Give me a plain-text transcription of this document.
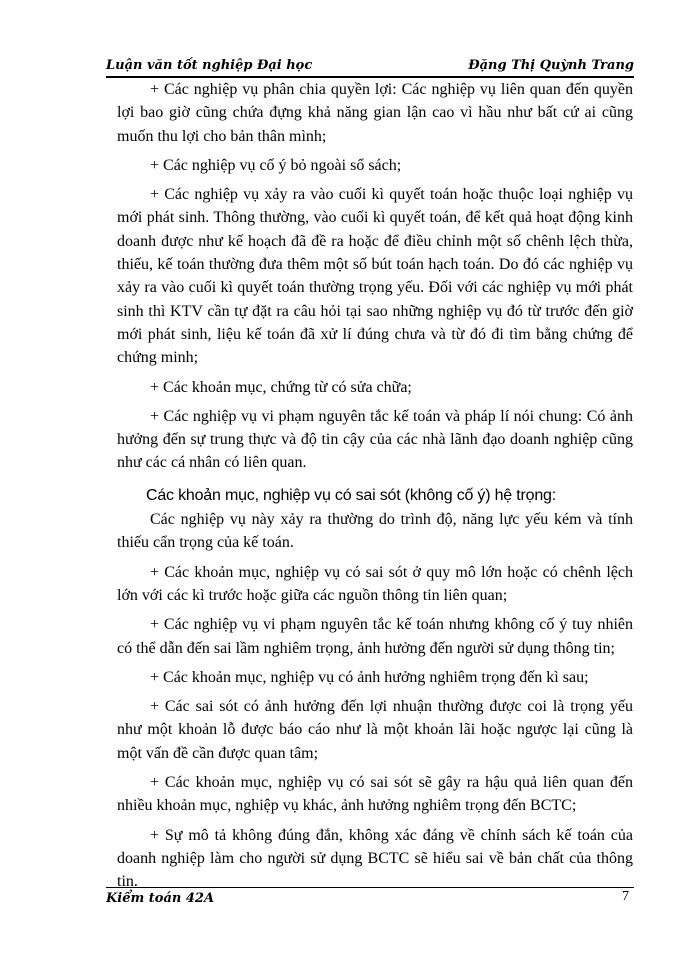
Luận văn tốt nghiệp Đại học	Đặng Thị Quỳnh Trang

+ Các nghiệp vụ phân chia quyền lợi: Các nghiệp vụ liên quan đến quyền lợi bao giờ cũng chứa đựng khả năng gian lận cao vì hầu như bất cứ ai cũng muốn thu lợi cho bản thân mình;

+ Các nghiệp vụ cố ý bỏ ngoài sổ sách;

+ Các nghiệp vụ xảy ra vào cuối kì quyết toán hoặc thuộc loại nghiệp vụ mới phát sinh. Thông thường, vào cuối kì quyết toán, để kết quả hoạt động kinh doanh được như kế hoạch đã đề ra hoặc để điều chỉnh một số chênh lệch thừa, thiếu, kế toán thường đưa thêm một số bút toán hạch toán. Do đó các nghiệp vụ xảy ra vào cuối kì quyết toán thường trọng yếu. Đối với các nghiệp vụ mới phát sinh thì KTV cần tự đặt ra câu hỏi tại sao những nghiệp vụ đó từ trước đến giờ mới phát sinh, liệu kế toán đã xử lí đúng chưa và từ đó đi tìm bằng chứng để chứng minh;

+ Các khoản mục, chứng từ có sửa chữa;

+ Các nghiệp vụ vi phạm nguyên tắc kế toán và pháp lí nói chung: Có ảnh hưởng đến sự trung thực và độ tin cậy của các nhà lãnh đạo doanh nghiệp cũng như các cá nhân có liên quan.

Các khoản mục, nghiệp vụ có sai sót (không cố ý) hệ trọng:

Các nghiệp vụ này xảy ra thường do trình độ, năng lực yếu kém và tính thiếu cẩn trọng của kế toán.

+ Các khoản mục, nghiệp vụ có sai sót ở quy mô lớn hoặc có chênh lệch lớn với các kì trước hoặc giữa các nguồn thông tin liên quan;

+ Các nghiệp vụ vi phạm nguyên tắc kế toán nhưng không cố ý tuy nhiên có thể dẫn đến sai lầm nghiêm trọng, ảnh hưởng đến người sử dụng thông tin;

+ Các khoản mục, nghiệp vụ có ảnh hưởng nghiêm trọng đến kì sau;

+ Các sai sót có ảnh hưởng đến lợi nhuận thường được coi là trọng yếu như một khoản lỗ được báo cáo như là một khoản lãi hoặc ngược lại cũng là một vấn đề cần được quan tâm;

+ Các khoản mục, nghiệp vụ có sai sót sẽ gây ra hậu quả liên quan đến nhiều khoản mục, nghiệp vụ khác, ảnh hưởng nghiêm trọng đến BCTC;

+ Sự mô tả không đúng đắn, không xác đáng về chính sách kế toán của doanh nghiệp làm cho người sử dụng BCTC sẽ hiểu sai về bản chất của thông tin.

Kiểm toán 42A	7
